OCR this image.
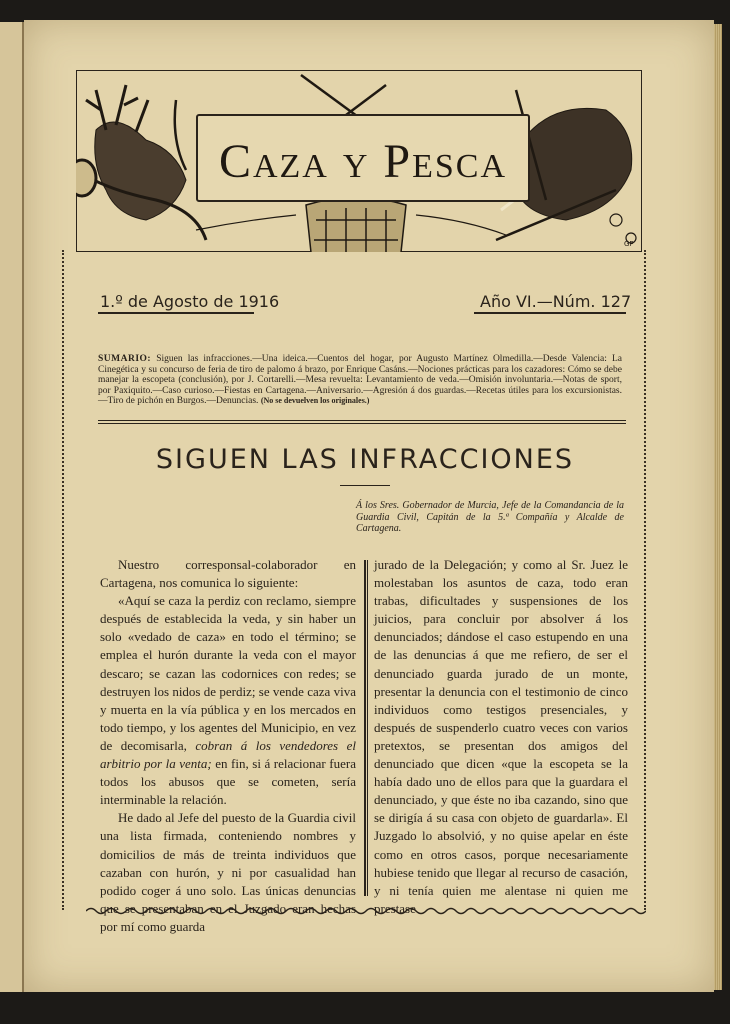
GP
Caza y Pesca
1.º de Agosto de 1916	Año VI.—Núm. 127
SUMARIO: Siguen las infracciones.—Una ideica.—Cuentos del hogar, por Augusto Martínez Olmedilla.—Desde Valencia: La Cinegética y su concurso de feria de tiro de palomo á brazo, por Enrique Casáns.—Nociones prácticas para los cazadores: Cómo se debe manejar la escopeta (conclusión), por J. Cortarelli.—Mesa revuelta: Levantamiento de veda.—Omisión involuntaria.—Notas de sport, por Paxiquito.—Caso curioso.—Fiestas en Cartagena.—Aniversario.—Agresión á dos guardas.—Recetas útiles para los excursionistas.—Tiro de pichón en Burgos.—Denuncias. (No se devuelven los originales.)
SIGUEN LAS INFRACCIONES
Á los Sres. Gobernador de Murcia, Jefe de la Comandancia de la Guardia Civil, Capitán de la 5.ª Compañía y Alcalde de Cartagena.

Nuestro corresponsal-colaborador en Cartagena, nos comunica lo siguiente:

«Aquí se caza la perdiz con reclamo, siempre después de establecida la veda, y sin haber un solo «vedado de caza» en todo el término; se emplea el hurón durante la veda con el mayor descaro; se cazan las codornices con redes; se destruyen los nidos de perdiz; se vende caza viva y muerta en la vía pública y en los mercados en todo tiempo, y los agentes del Municipio, en vez de decomisarla, cobran á los vendedores el arbitrio por la venta; en fin, si á relacionar fuera todos los abusos que se cometen, sería interminable la relación.

He dado al Jefe del puesto de la Guardia civil una lista firmada, conteniendo nombres y domicilios de más de treinta individuos que cazaban con hurón, y ni por casualidad han podido coger á uno solo. Las únicas denuncias que se presentaban en el Juzgado eran hechas por mí como guarda

jurado de la Delegación; y como al Sr. Juez le molestaban los asuntos de caza, todo eran trabas, dificultades y suspensiones de los juicios, para concluir por absolver á los denunciados; dándose el caso estupendo en una de las denuncias á que me refiero, de ser el denunciado guarda jurado de un monte, presentar la denuncia con el testimonio de cinco individuos como testigos presenciales, y después de suspenderlo cuatro veces con varios pretextos, se presentan dos amigos del denunciado que dicen «que la escopeta se la había dado uno de ellos para que la guardara el denunciado, y que éste no iba cazando, sino que se dirigía á su casa con objeto de guardarla». El Juzgado lo absolvió, y no quise apelar en éste como en otros casos, porque necesariamente hubiese tenido que llegar al recurso de casación, y ni tenía quien me alentase ni quien me prestase
